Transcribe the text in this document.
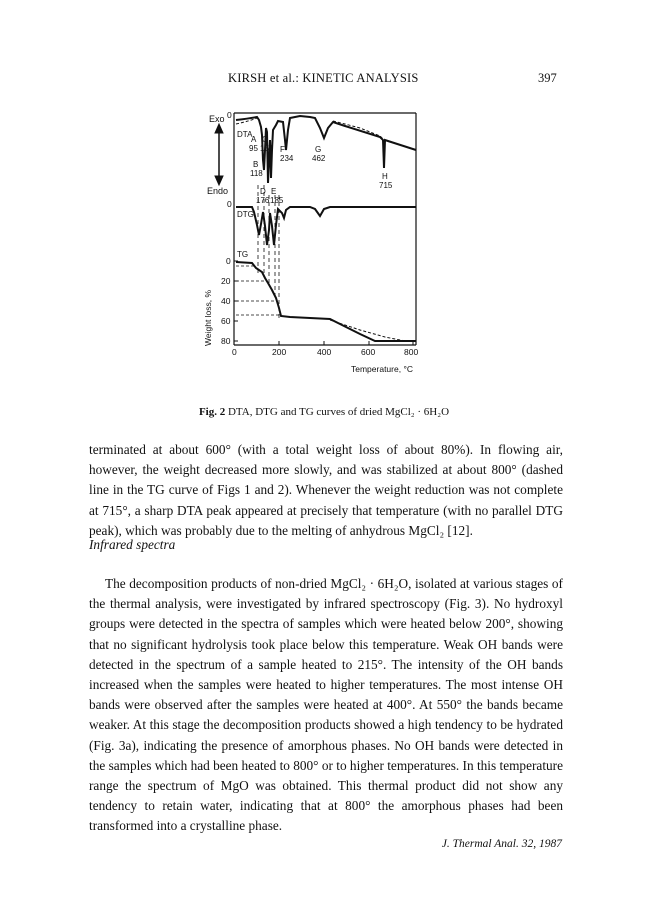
KIRSH et al.: KINETIC ANALYSIS	397
Exo
Endo
0
DTA
A
95
C
150
B
118
F
234
G
462
D
176
E
185
H
715
0
DTG
TG
0
20
40
60
80
Weight loss, %
0	200	400	600	800
Temperature, °C
Fig. 2 DTA, DTG and TG curves of dried MgCl₂ · 6H₂O

terminated at about 600° (with a total weight loss of about 80%). In flowing air, however, the weight decreased more slowly, and was stabilized at about 800° (dashed line in the TG curve of Figs 1 and 2). Whenever the weight reduction was not complete at 715°, a sharp DTA peak appeared at precisely that temperature (with no parallel DTG peak), which was probably due to the melting of anhydrous MgCl₂ [12].

Infrared spectra

The decomposition products of non-dried MgCl₂ · 6H₂O, isolated at various stages of the thermal analysis, were investigated by infrared spectroscopy (Fig. 3). No hydroxyl groups were detected in the spectra of samples which were heated below 200°, showing that no significant hydrolysis took place below this temperature. Weak OH bands were detected in the spectrum of a sample heated to 215°. The intensity of the OH bands increased when the samples were heated to higher temperatures. The most intense OH bands were observed after the samples were heated at 400°. At 550° the bands became weaker. At this stage the decomposition products showed a high tendency to be hydrated (Fig. 3a), indicating the presence of amorphous phases. No OH bands were detected in the samples which had been heated to 800° or to higher temperatures. In this temperature range the spectrum of MgO was obtained. This thermal product did not show any tendency to retain water, indicating that at 800° the amorphous phases had been transformed into a crystalline phase.

J. Thermal Anal. 32, 1987
